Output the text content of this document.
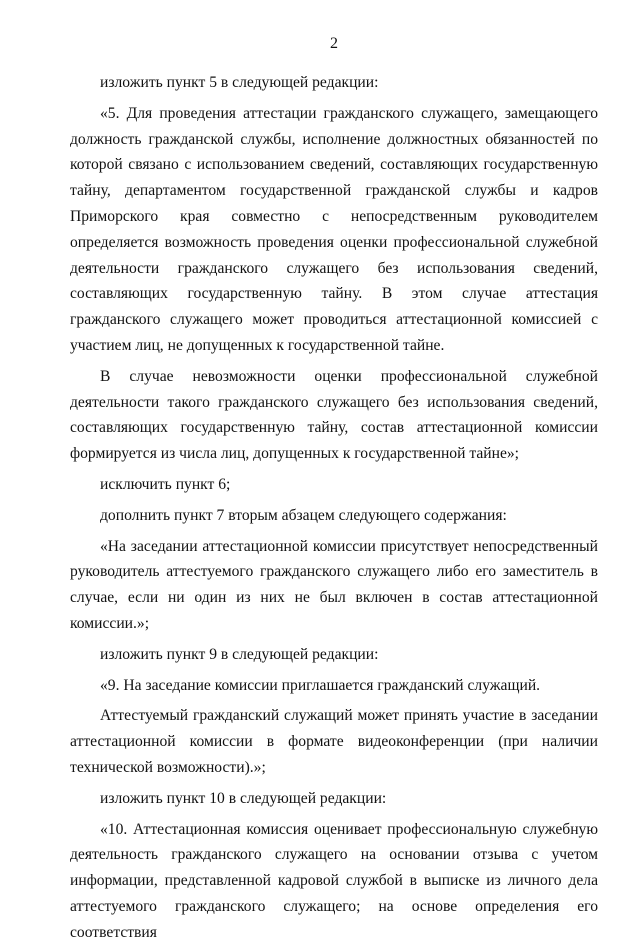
2

изложить пункт 5 в следующей редакции:

«5. Для проведения аттестации гражданского служащего, замещающего должность гражданской службы, исполнение должностных обязанностей по которой связано с использованием сведений, составляющих государственную тайну, департаментом государственной гражданской службы и кадров Приморского края совместно с непосредственным руководителем определяется возможность проведения оценки профессиональной служебной деятельности гражданского служащего без использования сведений, составляющих государственную тайну. В этом случае аттестация гражданского служащего может проводиться аттестационной комиссией с участием лиц, не допущенных к государственной тайне.

В случае невозможности оценки профессиональной служебной деятельности такого гражданского служащего без использования сведений, составляющих государственную тайну, состав аттестационной комиссии формируется из числа лиц, допущенных к государственной тайне»;

исключить пункт 6;

дополнить пункт 7 вторым абзацем следующего содержания:

«На заседании аттестационной комиссии присутствует непосредственный руководитель аттестуемого гражданского служащего либо его заместитель в случае, если ни один из них не был включен в состав аттестационной комиссии.»;

изложить пункт 9 в следующей редакции:

«9. На заседание комиссии приглашается гражданский служащий.

Аттестуемый гражданский служащий может принять участие в заседании аттестационной комиссии в формате видеоконференции (при наличии технической возможности).»;

изложить пункт 10 в следующей редакции:

«10. Аттестационная комиссия оценивает профессиональную служебную деятельность гражданского служащего на основании отзыва с учетом информации, представленной кадровой службой в выписке из личного дела аттестуемого гражданского служащего; на основе определения его соответствия
